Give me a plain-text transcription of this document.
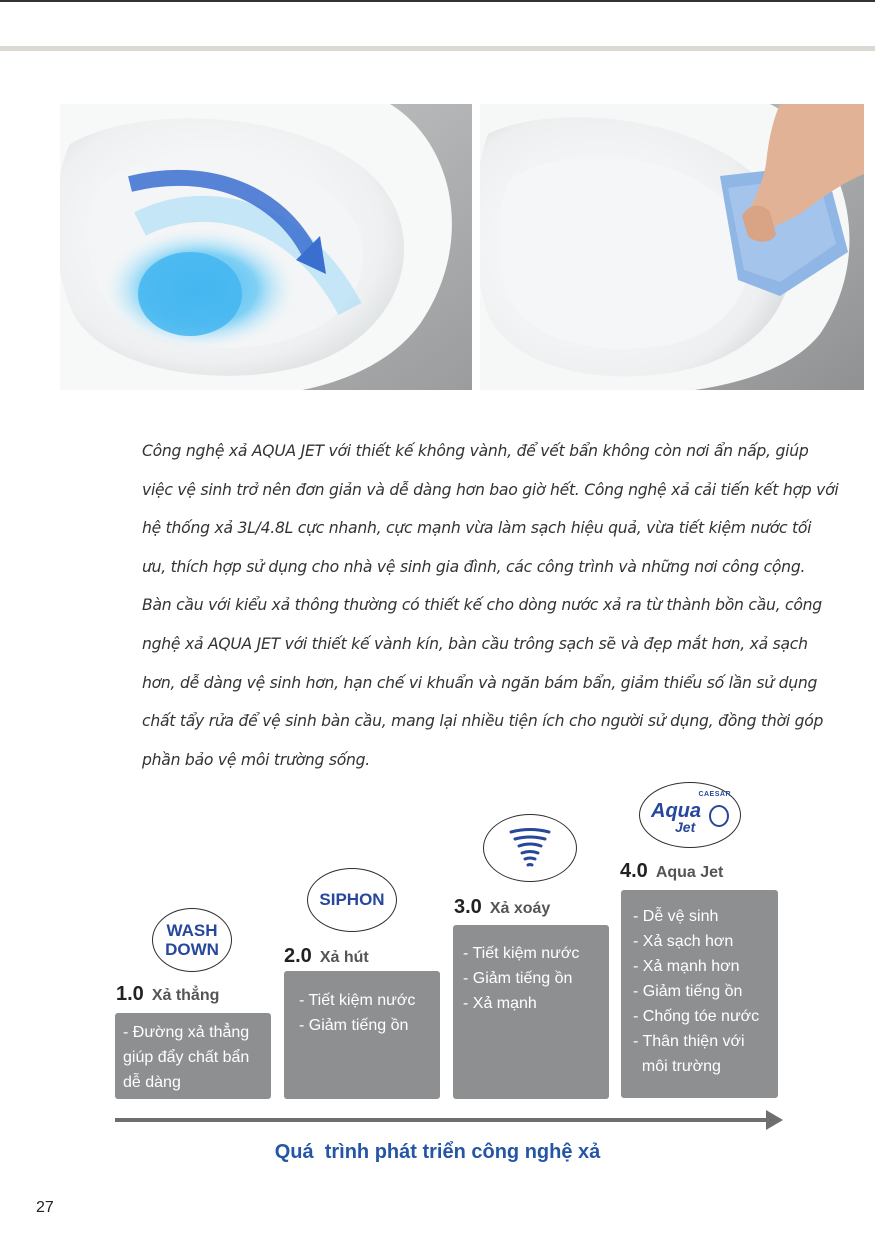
Công nghệ xả AQUA JET với thiết kế không vành, để vết bẩn không còn nơi ẩn nấp, giúp
việc vệ sinh trở nên đơn giản và dễ dàng hơn bao giờ hết. Công nghệ xả cải tiến kết hợp với
hệ thống xả 3L/4.8L cực nhanh, cực mạnh vừa làm sạch hiệu quả, vừa tiết kiệm nước tối
ưu, thích hợp sử dụng cho nhà vệ sinh gia đình, các công trình và những nơi công cộng.
Bàn cầu với kiểu xả thông thường có thiết kế cho dòng nước xả ra từ thành bồn cầu, công
nghệ xả AQUA JET với thiết kế vành kín, bàn cầu trông sạch sẽ và đẹp mắt hơn, xả sạch
hơn, dễ dàng vệ sinh hơn, hạn chế vi khuẩn và ngăn bám bẩn, giảm thiểu số lần sử dụng
chất tẩy rửa để vệ sinh bàn cầu, mang lại nhiều tiện ích cho người sử dụng, đồng thời góp
phần bảo vệ môi trường sống.
WASH
DOWN
1.0 Xả thẳng
- Đường xả thẳng
giúp đẩy chất bẩn
dễ dàng
SIPHON
2.0 Xả hút
- Tiết kiệm nước
- Giảm tiếng ồn
3.0 Xả xoáy
- Tiết kiệm nước
- Giảm tiếng ồn
- Xả mạnh
CAESAR
Aqua
Jet
4.0 Aqua Jet
- Dễ vệ sinh
- Xả sạch hơn
- Xả mạnh hơn
- Giảm tiếng ồn
- Chống tóe nước
- Thân thiện với
môi trường
Quá  trình phát triển công nghệ xả
27
